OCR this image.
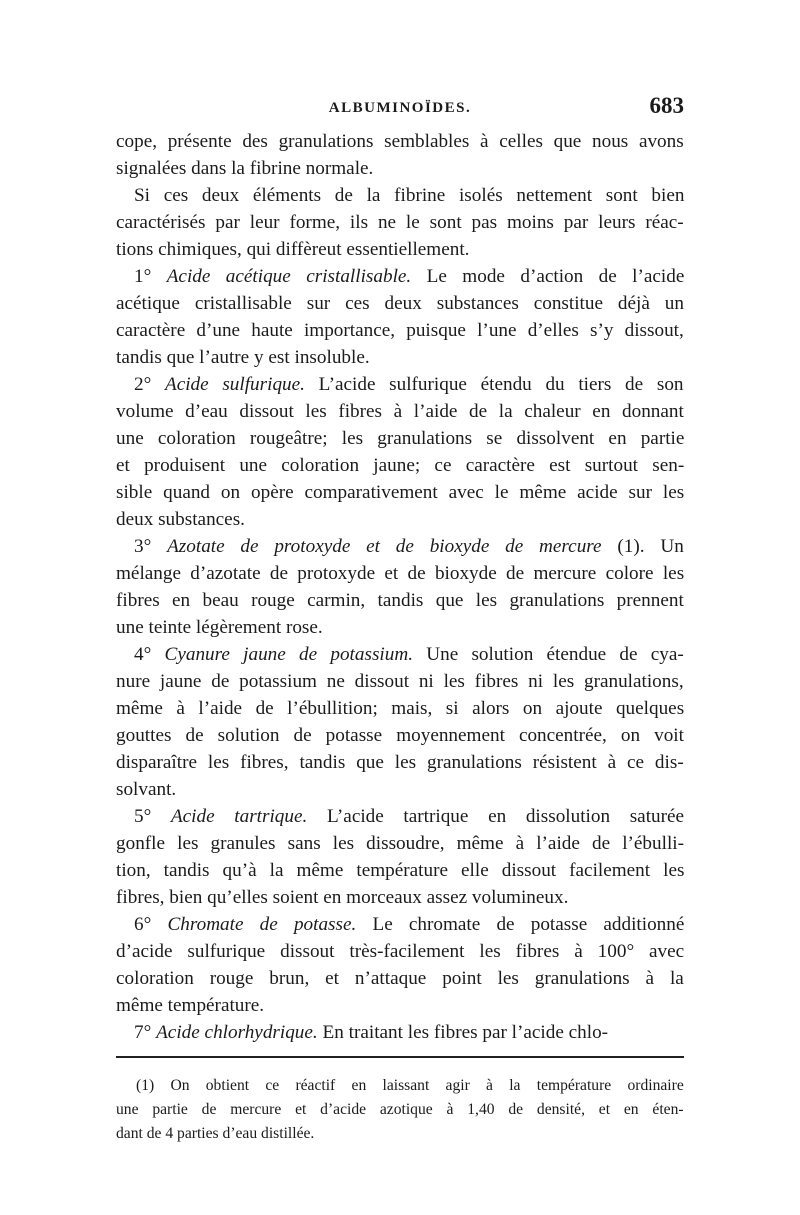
ALBUMINOÏDES.	683
cope, présente des granulations semblables à celles que nous avons
signalées dans la fibrine normale.
Si ces deux éléments de la fibrine isolés nettement sont bien
caractérisés par leur forme, ils ne le sont pas moins par leurs réac-
tions chimiques, qui diffèreut essentiellement.
1° Acide acétique cristallisable. Le mode d’action de l’acide
acétique cristallisable sur ces deux substances constitue déjà un
caractère d’une haute importance, puisque l’une d’elles s’y dissout,
tandis que l’autre y est insoluble.
2° Acide sulfurique. L’acide sulfurique étendu du tiers de son
volume d’eau dissout les fibres à l’aide de la chaleur en donnant
une coloration rougeâtre; les granulations se dissolvent en partie
et produisent une coloration jaune; ce caractère est surtout sen-
sible quand on opère comparativement avec le même acide sur les
deux substances.
3° Azotate de protoxyde et de bioxyde de mercure (1). Un
mélange d’azotate de protoxyde et de bioxyde de mercure colore les
fibres en beau rouge carmin, tandis que les granulations prennent
une teinte légèrement rose.
4° Cyanure jaune de potassium. Une solution étendue de cya-
nure jaune de potassium ne dissout ni les fibres ni les granulations,
même à l’aide de l’ébullition; mais, si alors on ajoute quelques
gouttes de solution de potasse moyennement concentrée, on voit
disparaître les fibres, tandis que les granulations résistent à ce dis-
solvant.
5° Acide tartrique. L’acide tartrique en dissolution saturée
gonfle les granules sans les dissoudre, même à l’aide de l’ébulli-
tion, tandis qu’à la même température elle dissout facilement les
fibres, bien qu’elles soient en morceaux assez volumineux.
6° Chromate de potasse. Le chromate de potasse additionné
d’acide sulfurique dissout très-facilement les fibres à 100° avec
coloration rouge brun, et n’attaque point les granulations à la
même température.
7° Acide chlorhydrique. En traitant les fibres par l’acide chlo-
(1) On obtient ce réactif en laissant agir à la température ordinaire
une partie de mercure et d’acide azotique à 1,40 de densité, et en éten-
dant de 4 parties d’eau distillée.
